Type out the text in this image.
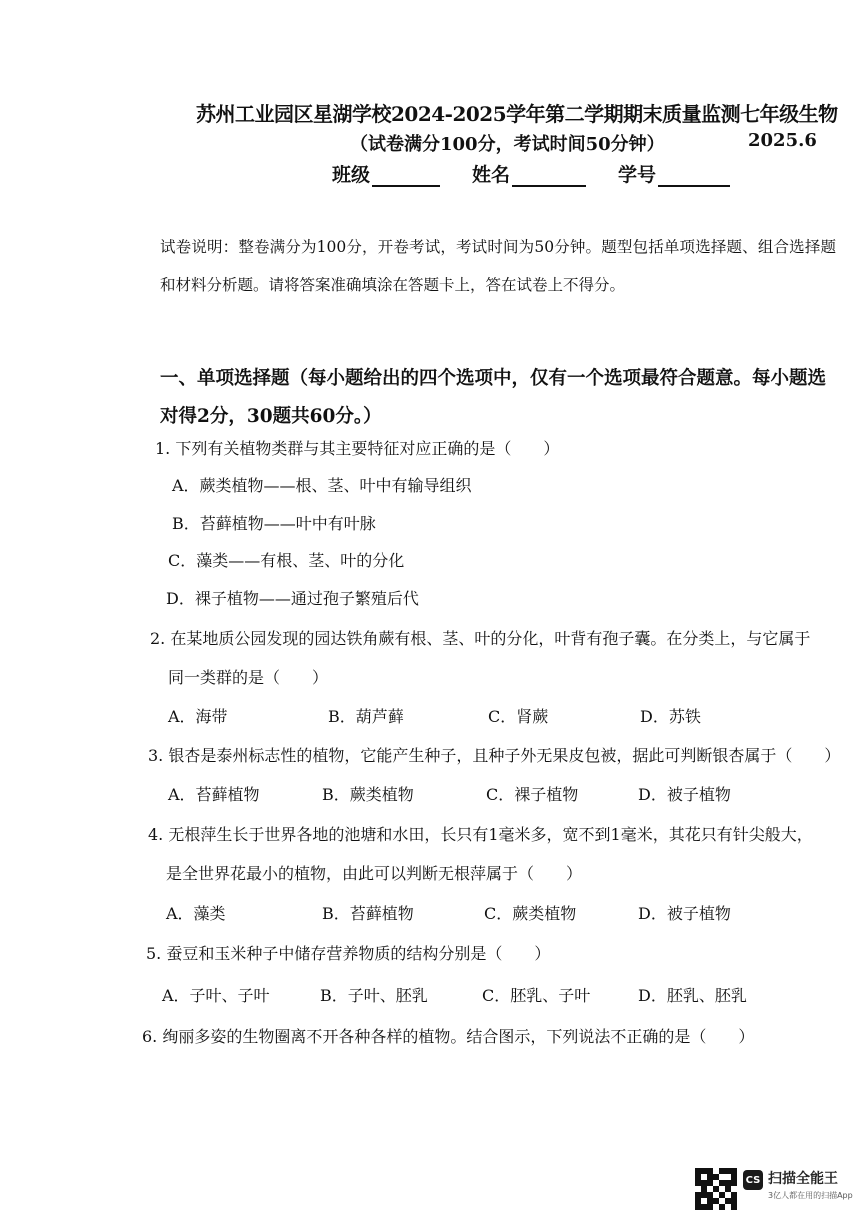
苏州工业园区星湖学校2024-2025学年第二学期期末质量监测七年级生物
（试卷满分100分，考试时间50分钟）	2025.6
班级	姓名	学号
试卷说明：整卷满分为100分，开卷考试，考试时间为50分钟。题型包括单项选择题、组合选择题和材料分析题。请将答案准确填涂在答题卡上，答在试卷上不得分。
一、单项选择题（每小题给出的四个选项中，仅有一个选项最符合题意。每小题选对得2分，30题共60分。）
1. 下列有关植物类群与其主要特征对应正确的是（　　）
A．蕨类植物——根、茎、叶中有输导组织
B．苔藓植物——叶中有叶脉
C．藻类——有根、茎、叶的分化
D．裸子植物——通过孢子繁殖后代
2. 在某地质公园发现的园达铁角蕨有根、茎、叶的分化，叶背有孢子囊。在分类上，与它属于
同一类群的是（　　）
A．海带	B．葫芦藓	C．肾蕨	D．苏铁
3. 银杏是泰州标志性的植物，它能产生种子，且种子外无果皮包被，据此可判断银杏属于（　　）
A．苔藓植物	B．蕨类植物	C．裸子植物	D．被子植物
4. 无根萍生长于世界各地的池塘和水田，长只有1毫米多，宽不到1毫米，其花只有针尖般大，
是全世界花最小的植物，由此可以判断无根萍属于（　　）
A．藻类	B．苔藓植物	C．蕨类植物	D．被子植物
5. 蚕豆和玉米种子中储存营养物质的结构分别是（　　）
A．子叶、子叶	B．子叶、胚乳	C．胚乳、子叶	D．胚乳、胚乳
6. 绚丽多姿的生物圈离不开各种各样的植物。结合图示，下列说法不正确的是（　　）
CS 扫描全能王
3亿人都在用的扫描App
